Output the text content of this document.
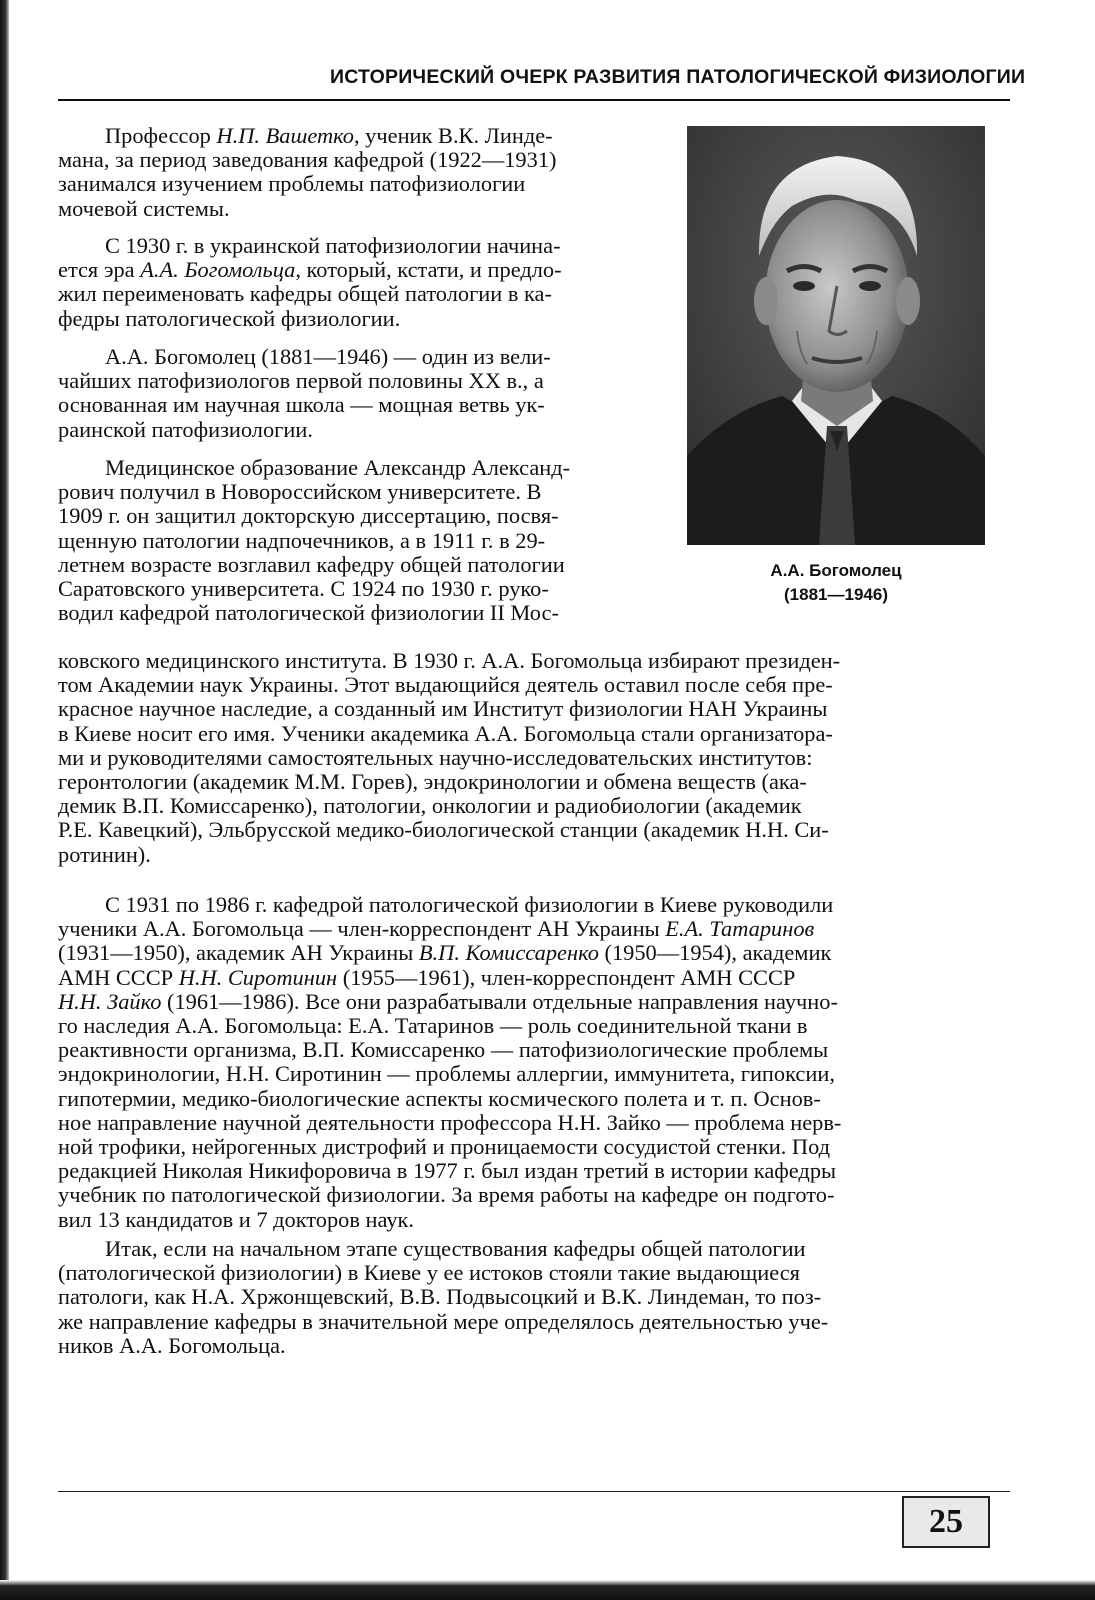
ИСТОРИЧЕСКИЙ ОЧЕРК РАЗВИТИЯ ПАТОЛОГИЧЕСКОЙ ФИЗИОЛОГИИ

Профессор Н.П. Вашетко, ученик В.К. Линде-
мана, за период заведования кафедрой (1922—1931)
занимался изучением проблемы патофизиологии
мочевой системы.

С 1930 г. в украинской патофизиологии начина-
ется эра А.А. Богомольца, который, кстати, и предло-
жил переименовать кафедры общей патологии в ка-
федры патологической физиологии.

А.А. Богомолец (1881—1946) — один из вели-
чайших патофизиологов первой половины XX в., а
основанная им научная школа — мощная ветвь ук-
раинской патофизиологии.

Медицинское образование Александр Александ-
рович получил в Новороссийском университете. В
1909 г. он защитил докторскую диссертацию, посвя-
щенную патологии надпочечников, а в 1911 г. в 29-
летнем возрасте возглавил кафедру общей патологии
Саратовского университета. С 1924 по 1930 г. руко-
водил кафедрой патологической физиологии II Мос-

ковского медицинского института. В 1930 г. А.А. Богомольца избирают президен-
том Академии наук Украины. Этот выдающийся деятель оставил после себя пре-
красное научное наследие, а созданный им Институт физиологии НАН Украины
в Киеве носит его имя. Ученики академика А.А. Богомольца стали организатора-
ми и руководителями самостоятельных научно-исследовательских институтов:
геронтологии (академик М.М. Горев), эндокринологии и обмена веществ (ака-
демик В.П. Комиссаренко), патологии, онкологии и радиобиологии (академик
Р.Е. Кавецкий), Эльбрусской медико-биологической станции (академик Н.Н. Си-
ротинин).

С 1931 по 1986 г. кафедрой патологической физиологии в Киеве руководили
ученики А.А. Богомольца — член-корреспондент АН Украины Е.А. Татаринов
(1931—1950), академик АН Украины В.П. Комиссаренко (1950—1954), академик
АМН СССР Н.Н. Сиротинин (1955—1961), член-корреспондент АМН СССР
Н.Н. Зайко (1961—1986). Все они разрабатывали отдельные направления научно-
го наследия А.А. Богомольца: Е.А. Татаринов — роль соединительной ткани в
реактивности организма, В.П. Комиссаренко — патофизиологические проблемы
эндокринологии, Н.Н. Сиротинин — проблемы аллергии, иммунитета, гипоксии,
гипотермии, медико-биологические аспекты космического полета и т. п. Основ-
ное направление научной деятельности профессора Н.Н. Зайко — проблема нерв-
ной трофики, нейрогенных дистрофий и проницаемости сосудистой стенки. Под
редакцией Николая Никифоровича в 1977 г. был издан третий в истории кафедры
учебник по патологической физиологии. За время работы на кафедре он подгото-
вил 13 кандидатов и 7 докторов наук.

Итак, если на начальном этапе существования кафедры общей патологии
(патологической физиологии) в Киеве у ее истоков стояли такие выдающиеся
патологи, как Н.А. Хржонщевский, В.В. Подвысоцкий и В.К. Линдеман, то поз-
же направление кафедры в значительной мере определялось деятельностью уче-
ников А.А. Богомольца.

А.А. Богомолец
(1881—1946)
25
